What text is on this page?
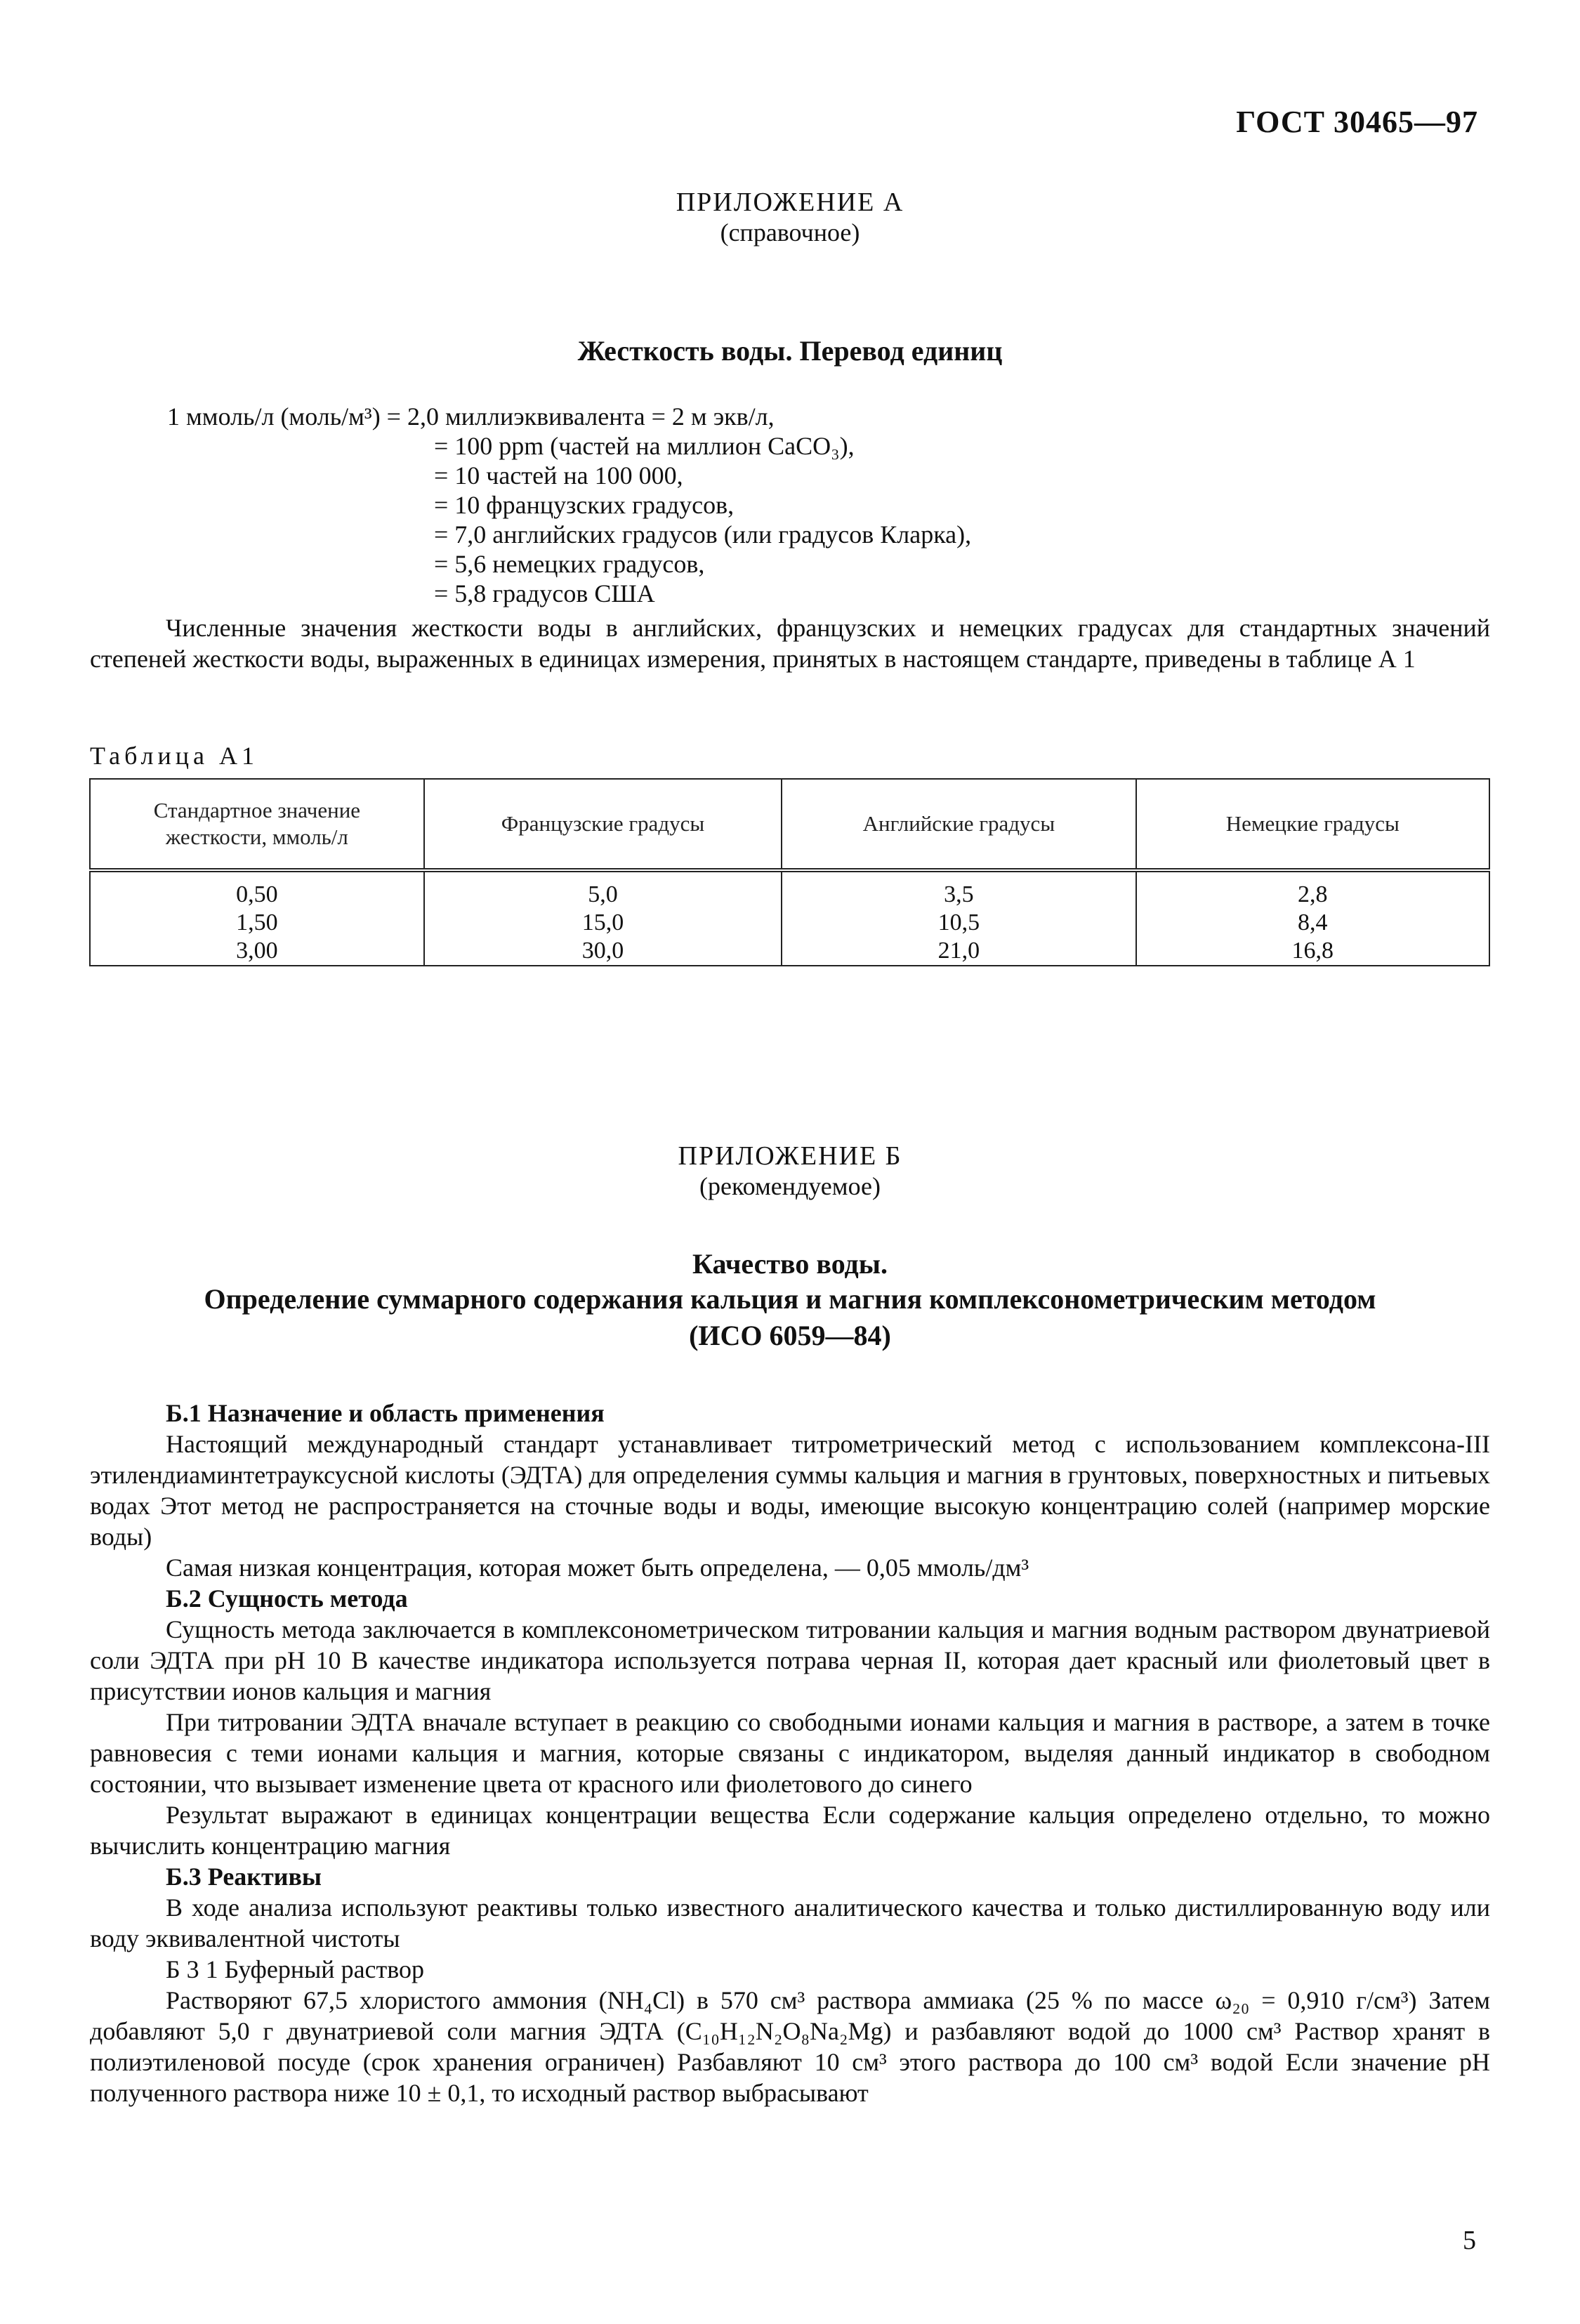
ГОСТ 30465—97
ПРИЛОЖЕНИЕ А
(справочное)
Жесткость воды. Перевод единиц
1 ммоль/л (моль/м³) = 2,0 миллиэквивалента = 2 м экв/л,
= 100 ppm (частей на миллион CaCO₃),
= 10 частей на 100 000,
= 10 французских градусов,
= 7,0 английских градусов (или градусов Кларка),
= 5,6 немецких градусов,
= 5,8 градусов США
Численные значения жесткости воды в английских, французских и немецких градусах для стандартных значений степеней жесткости воды, выраженных в единицах измерения, принятых в настоящем стандарте, приведены в таблице А 1
Таблица А1
Стандартное значение жесткости, ммоль/л	Французские градусы	Английские градусы	Немецкие градусы
0,50	5,0	3,5	2,8
1,50	15,0	10,5	8,4
3,00	30,0	21,0	16,8
ПРИЛОЖЕНИЕ Б
(рекомендуемое)
Качество воды.
Определение суммарного содержания кальция и магния комплексонометрическим методом
(ИСО 6059—84)
Б.1 Назначение и область применения
Настоящий международный стандарт устанавливает титрометрический метод с использованием комплексона-III этилендиаминтетрауксусной кислоты (ЭДТА) для определения суммы кальция и магния в грунтовых, поверхностных и питьевых водах Этот метод не распространяется на сточные воды и воды, имеющие высокую концентрацию солей (например морские воды)
Самая низкая концентрация, которая может быть определена, — 0,05 ммоль/дм³
Б.2 Сущность метода
Сущность метода заключается в комплексонометрическом титровании кальция и магния водным раствором двунатриевой соли ЭДТА при pH 10 В качестве индикатора используется потрава черная II, которая дает красный или фиолетовый цвет в присутствии ионов кальция и магния
При титровании ЭДТА вначале вступает в реакцию со свободными ионами кальция и магния в растворе, а затем в точке равновесия с теми ионами кальция и магния, которые связаны с индикатором, выделяя данный индикатор в свободном состоянии, что вызывает изменение цвета от красного или фиолетового до синего
Результат выражают в единицах концентрации вещества Если содержание кальция определено отдельно, то можно вычислить концентрацию магния
Б.3 Реактивы
В ходе анализа используют реактивы только известного аналитического качества и только дистиллированную воду или воду эквивалентной чистоты
Б 3 1 Буферный раствор
Растворяют 67,5 хлористого аммония (NH₄Cl) в 570 см³ раствора аммиака (25 % по массе ω₂₀ = 0,910 г/см³) Затем добавляют 5,0 г двунатриевой соли магния ЭДТА (C₁₀H₁₂N₂O₈Na₂Mg) и разбавляют водой до 1000 см³ Раствор хранят в полиэтиленовой посуде (срок хранения ограничен) Разбавляют 10 см³ этого раствора до 100 см³ водой Если значение pH полученного раствора ниже 10 ± 0,1, то исходный раствор выбрасывают
5
